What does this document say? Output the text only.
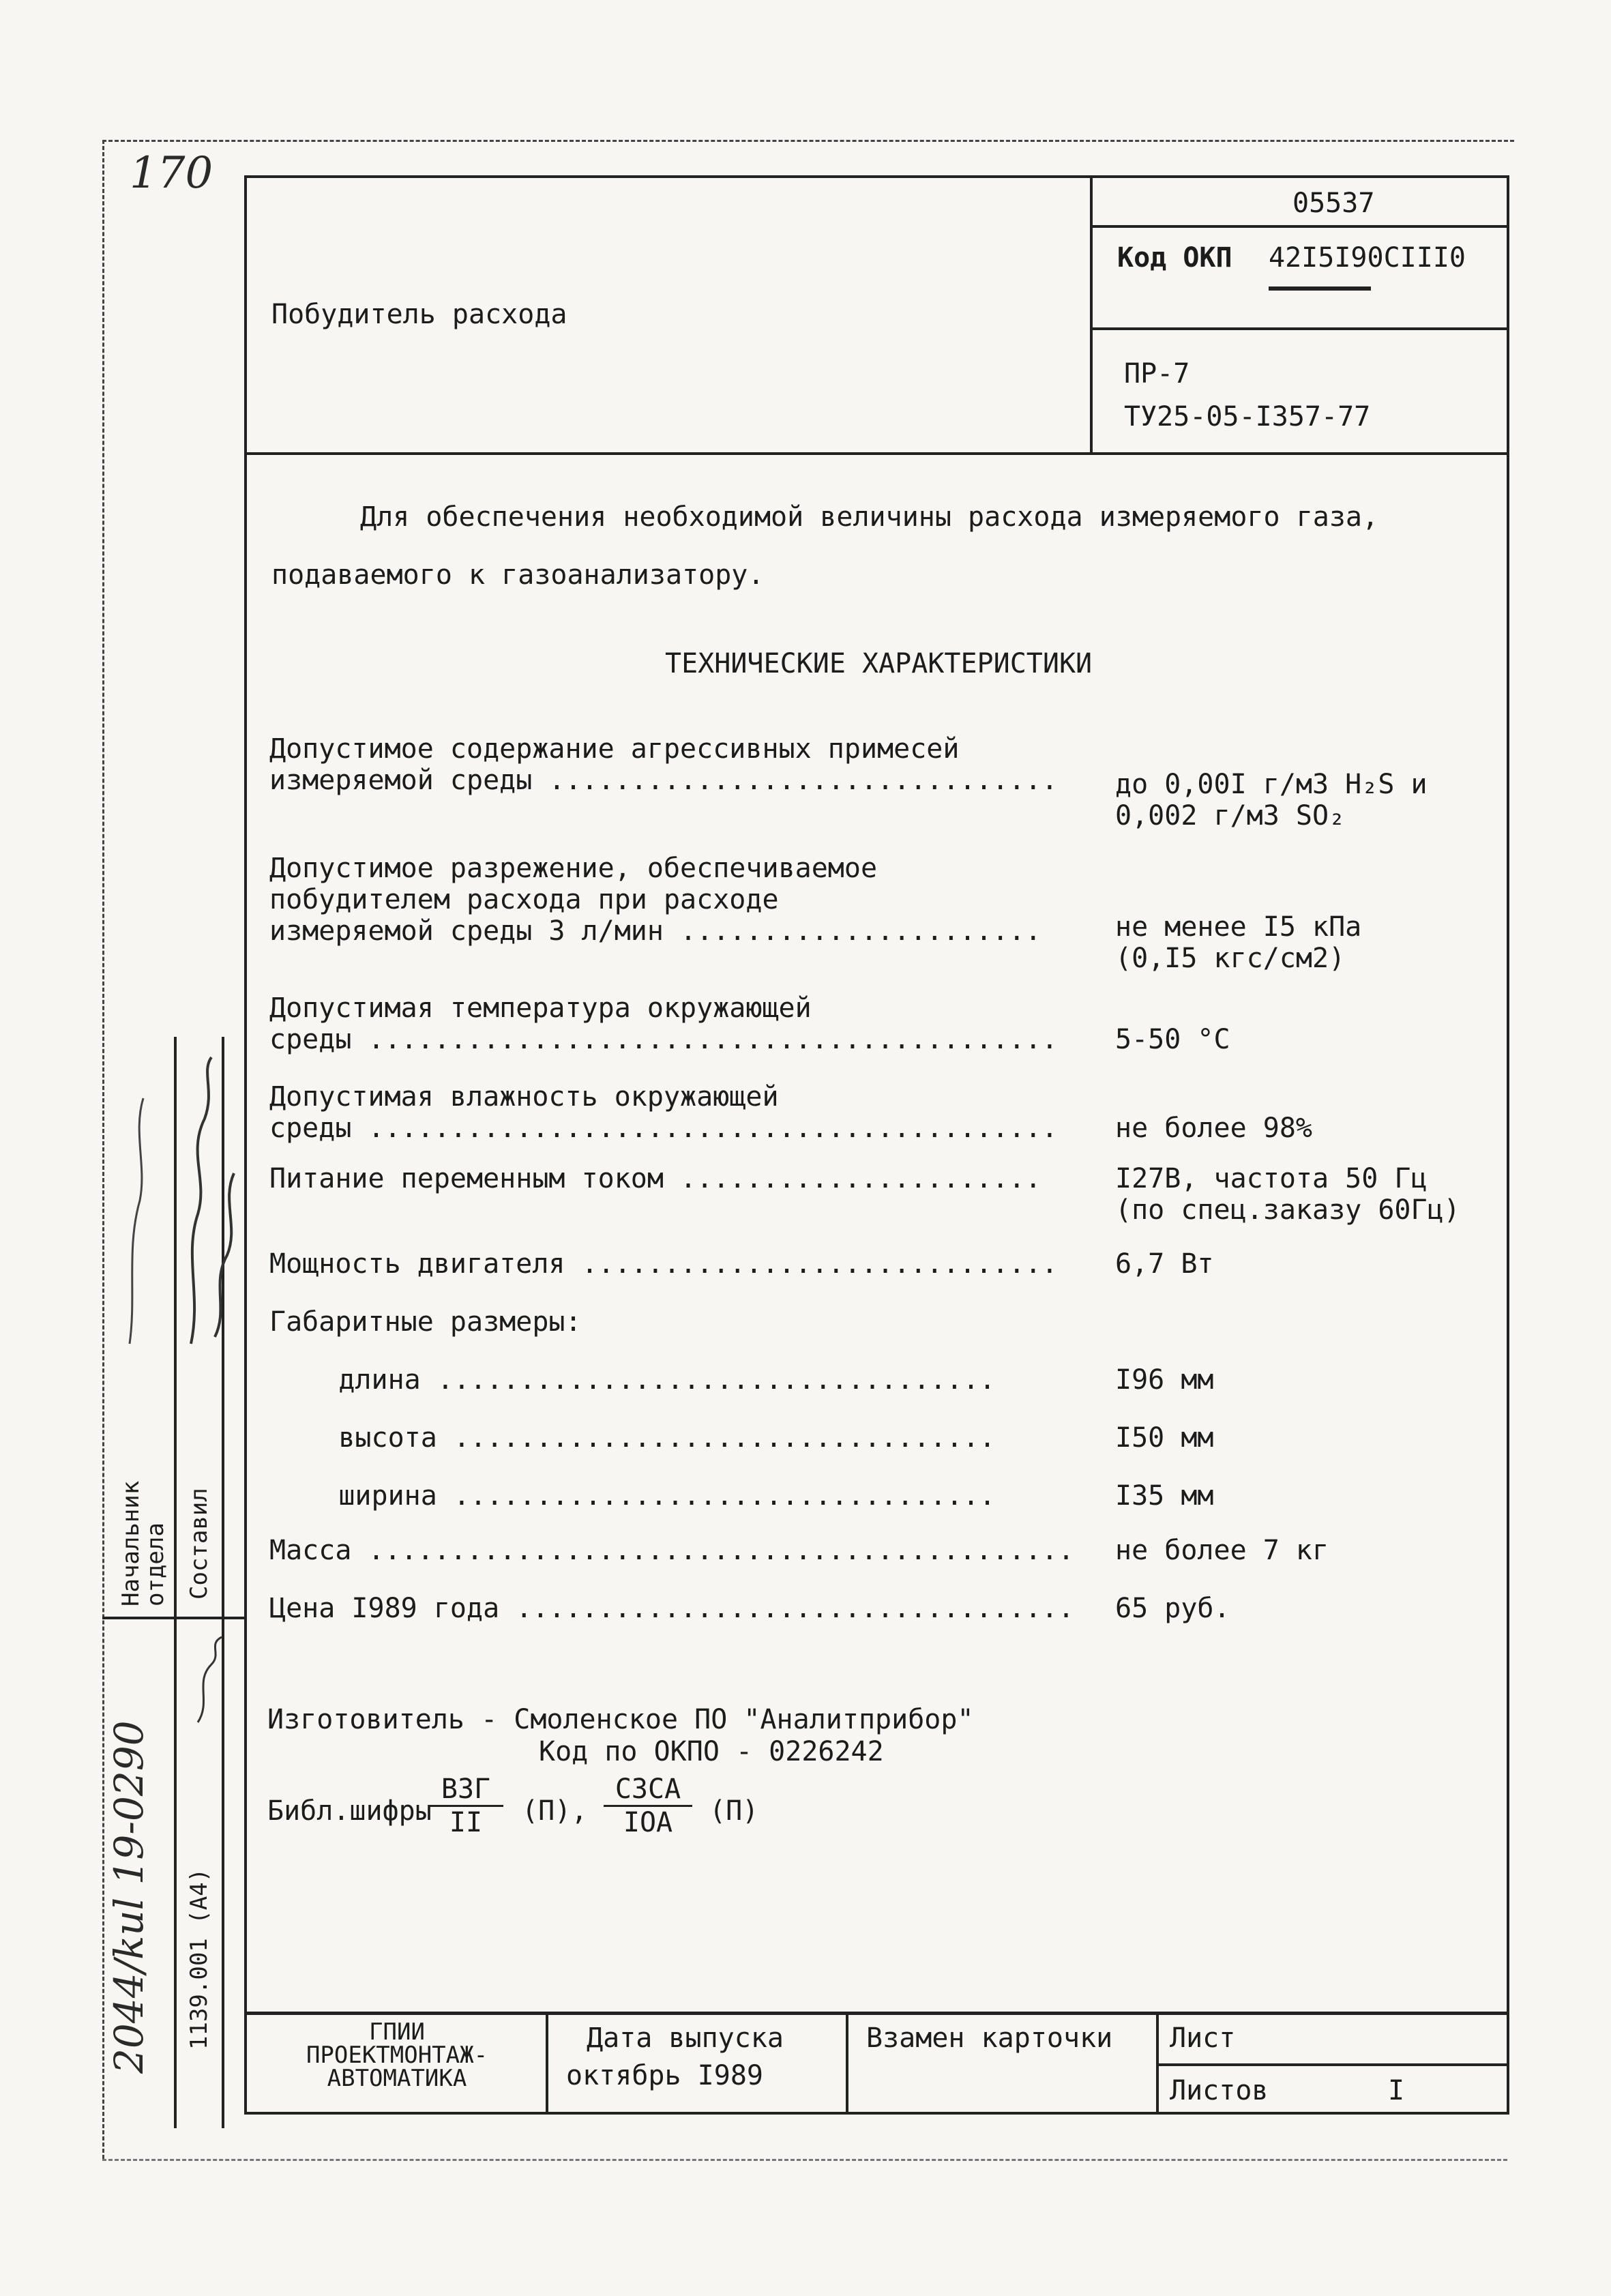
170
Побудитель расхода
05537
Код ОКП 42I5I90CIII0
ПР-7
ТУ25-05-I357-77
Для обеспечения необходимой величины расхода измеряемого газа,
подаваемого к газоанализатору.
ТЕХНИЧЕСКИЕ ХАРАКТЕРИСТИКИ
Допустимое содержание агрессивных примесей
измеряемой среды ...............................	до 0,00I г/м3 H₂S и
0,002 г/м3 SO₂
Допустимое разрежение, обеспечиваемое
побудителем расхода при расходе
измеряемой среды 3 л/мин ......................	не менее I5 кПа
(0,I5 кгс/см2)
Допустимая температура окружающей
среды ..........................................	5-50 °C
Допустимая влажность окружающей
среды ..........................................	не более 98%
Питание переменным током ......................	I27В, частота 50 Гц
(по спец.заказу 60Гц)
Мощность двигателя .............................	6,7 Вт
Габаритные размеры:
длина ..................................	I96 мм
высота .................................	I50 мм
ширина .................................	I35 мм
Масса ...........................................	не более 7 кг
Цена I989 года ..................................	65 руб.
Изготовитель - Смоленское ПО "Аналитприбор"
Код по ОКПО - 0226242
Библ.шифры
ВЗГ
II	(П),
СЗСА
IOA	(П)
ГПИИ
ПРОЕКТМОНТАЖ-
АВТОМАТИКА
Дата выпуска
октябрь I989
Взамен карточки Лист
Листов	I
Начальник отдела Составил
1139.001 (А4)
2044/kul 19-0290
